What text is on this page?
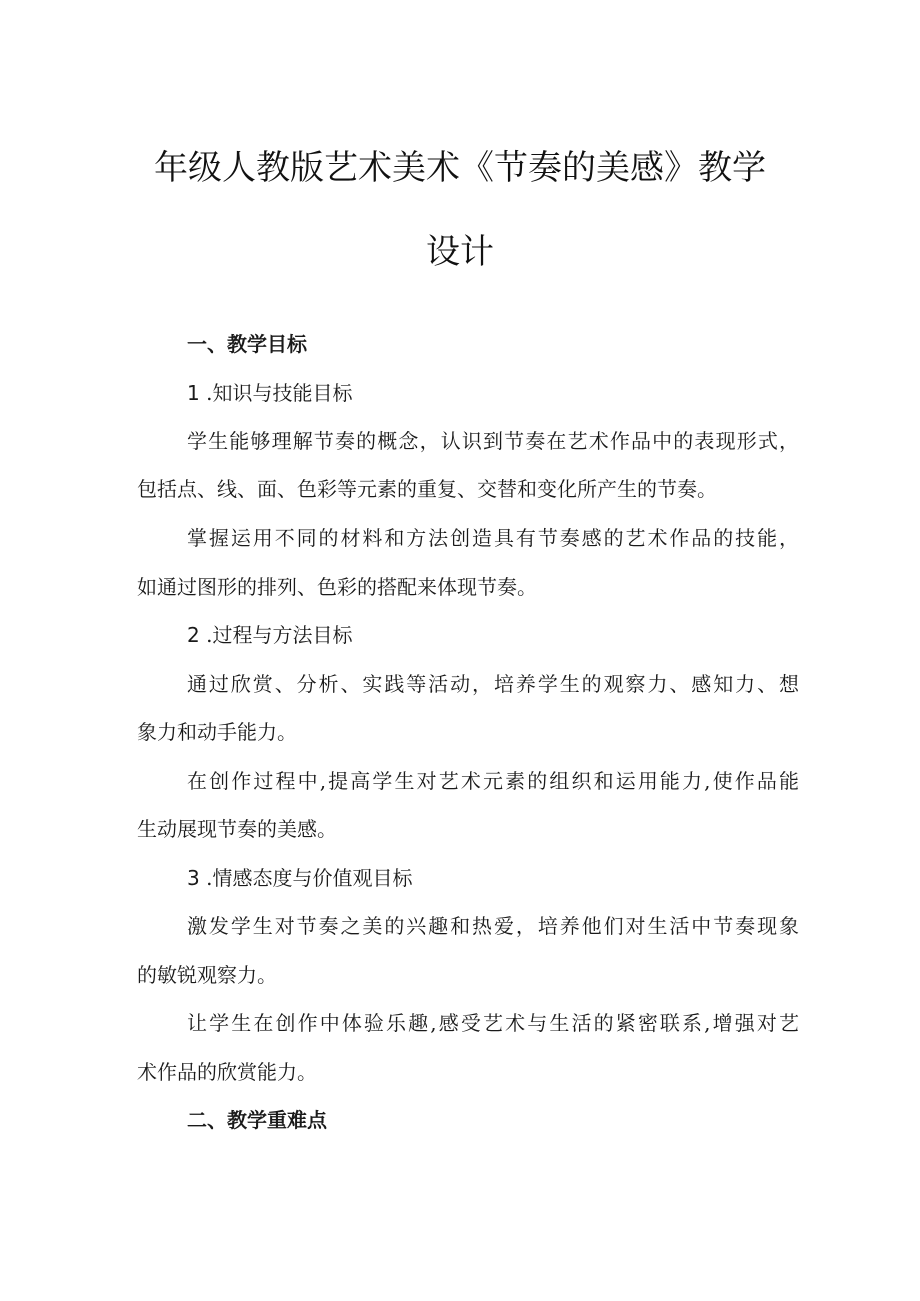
年级人教版艺术美术《节奏的美感》教学
设计
一、教学目标
1 .知识与技能目标
学生能够理解节奏的概念，认识到节奏在艺术作品中的表现形式，
包括点、线、面、色彩等元素的重复、交替和变化所产生的节奏。
掌握运用不同的材料和方法创造具有节奏感的艺术作品的技能，
如通过图形的排列、色彩的搭配来体现节奏。
2 .过程与方法目标
通过欣赏、分析、实践等活动，培养学生的观察力、感知力、想
象力和动手能力。
在创作过程中,提高学生对艺术元素的组织和运用能力,使作品能
生动展现节奏的美感。
3 .情感态度与价值观目标
激发学生对节奏之美的兴趣和热爱，培养他们对生活中节奏现象
的敏锐观察力。
让学生在创作中体验乐趣,感受艺术与生活的紧密联系,增强对艺
术作品的欣赏能力。
二、教学重难点
